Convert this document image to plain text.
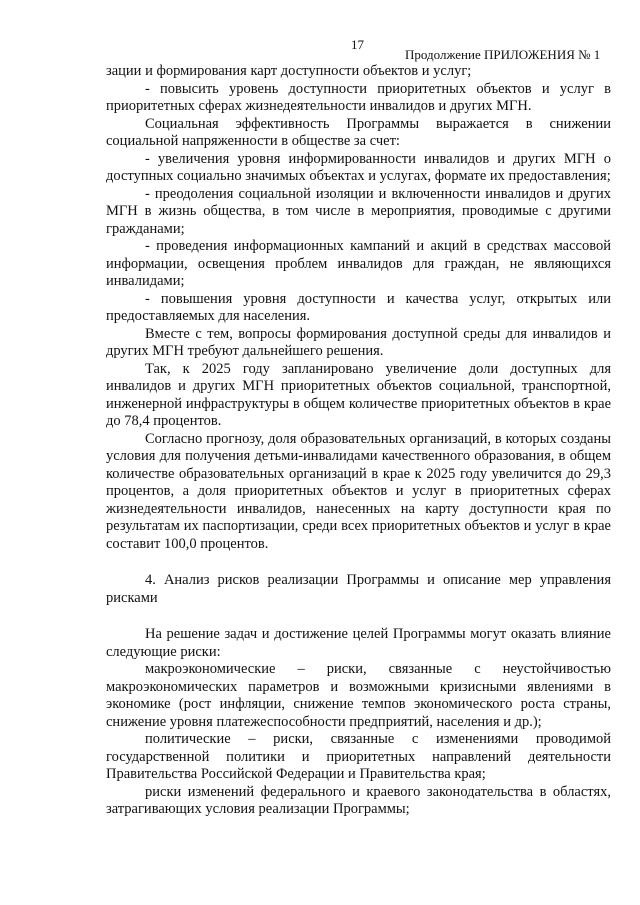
17
Продолжение ПРИЛОЖЕНИЯ № 1

зации и формирования карт доступности объектов и услуг;

- повысить уровень доступности приоритетных объектов и услуг в приоритетных сферах жизнедеятельности инвалидов и других МГН.

Социальная эффективность Программы выражается в снижении социальной напряженности в обществе за счет:

- увеличения уровня информированности инвалидов и других МГН о доступных социально значимых объектах и услугах, формате их предоставления;

- преодоления социальной изоляции и включенности инвалидов и других МГН в жизнь общества, в том числе в мероприятия, проводимые с другими гражданами;

- проведения информационных кампаний и акций в средствах массовой информации, освещения проблем инвалидов для граждан, не являющихся инвалидами;

- повышения уровня доступности и качества услуг, открытых или предоставляемых для населения.

Вместе с тем, вопросы формирования доступной среды для инвалидов и других МГН требуют дальнейшего решения.

Так, к 2025 году запланировано увеличение доли доступных для инвалидов и других МГН приоритетных объектов социальной, транспортной, инженерной инфраструктуры в общем количестве приоритетных объектов в крае до 78,4 процентов.

Согласно прогнозу, доля образовательных организаций, в которых созданы условия для получения детьми-инвалидами качественного образования, в общем количестве образовательных организаций в крае к 2025 году увеличится до 29,3 процентов, а доля приоритетных объектов и услуг в приоритетных сферах жизнедеятельности инвалидов, нанесенных на карту доступности края по результатам их паспортизации, среди всех приоритетных объектов и услуг в крае составит 100,0 процентов.

4. Анализ рисков реализации Программы и описание мер управления рисками

На решение задач и достижение целей Программы могут оказать влияние следующие риски:

макроэкономические – риски, связанные с неустойчивостью макроэкономических параметров и возможными кризисными явлениями в экономике (рост инфляции, снижение темпов экономического роста страны, снижение уровня платежеспособности предприятий, населения и др.);

политические – риски, связанные с изменениями проводимой государственной политики и приоритетных направлений деятельности Правительства Российской Федерации и Правительства края;

риски изменений федерального и краевого законодательства в областях, затрагивающих условия реализации Программы;
